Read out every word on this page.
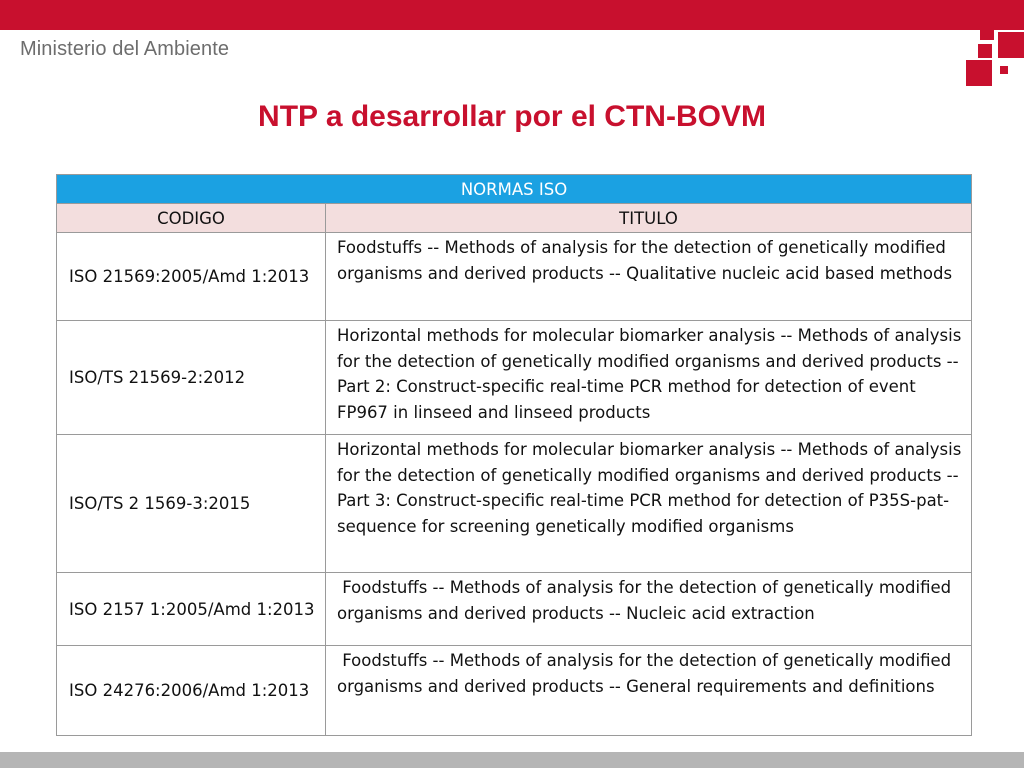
Ministerio del Ambiente
NTP a desarrollar por el CTN-BOVM
NORMAS ISO	
CODIGO	TITULO
ISO 21569:2005/Amd 1:2013	Foodstuffs -- Methods of analysis for the detection of genetically modified organisms and derived products -- Qualitative nucleic acid based methods
ISO/TS 21569-2:2012	Horizontal methods for molecular biomarker analysis -- Methods of analysis for the detection of genetically modified organisms and derived products -- Part 2: Construct-specific real-time PCR method for detection of event FP967 in linseed and linseed products
ISO/TS 2 1569-3:2015	Horizontal methods for molecular biomarker analysis -- Methods of analysis for the detection of genetically modified organisms and derived products -- Part 3: Construct-specific real-time PCR method for detection of P35S-pat-sequence for screening genetically modified organisms
ISO 2157 1:2005/Amd 1:2013	Foodstuffs -- Methods of analysis for the detection of genetically modified organisms and derived products -- Nucleic acid extraction
ISO 24276:2006/Amd 1:2013	Foodstuffs -- Methods of analysis for the detection of genetically modified organisms and derived products -- General requirements and definitions
